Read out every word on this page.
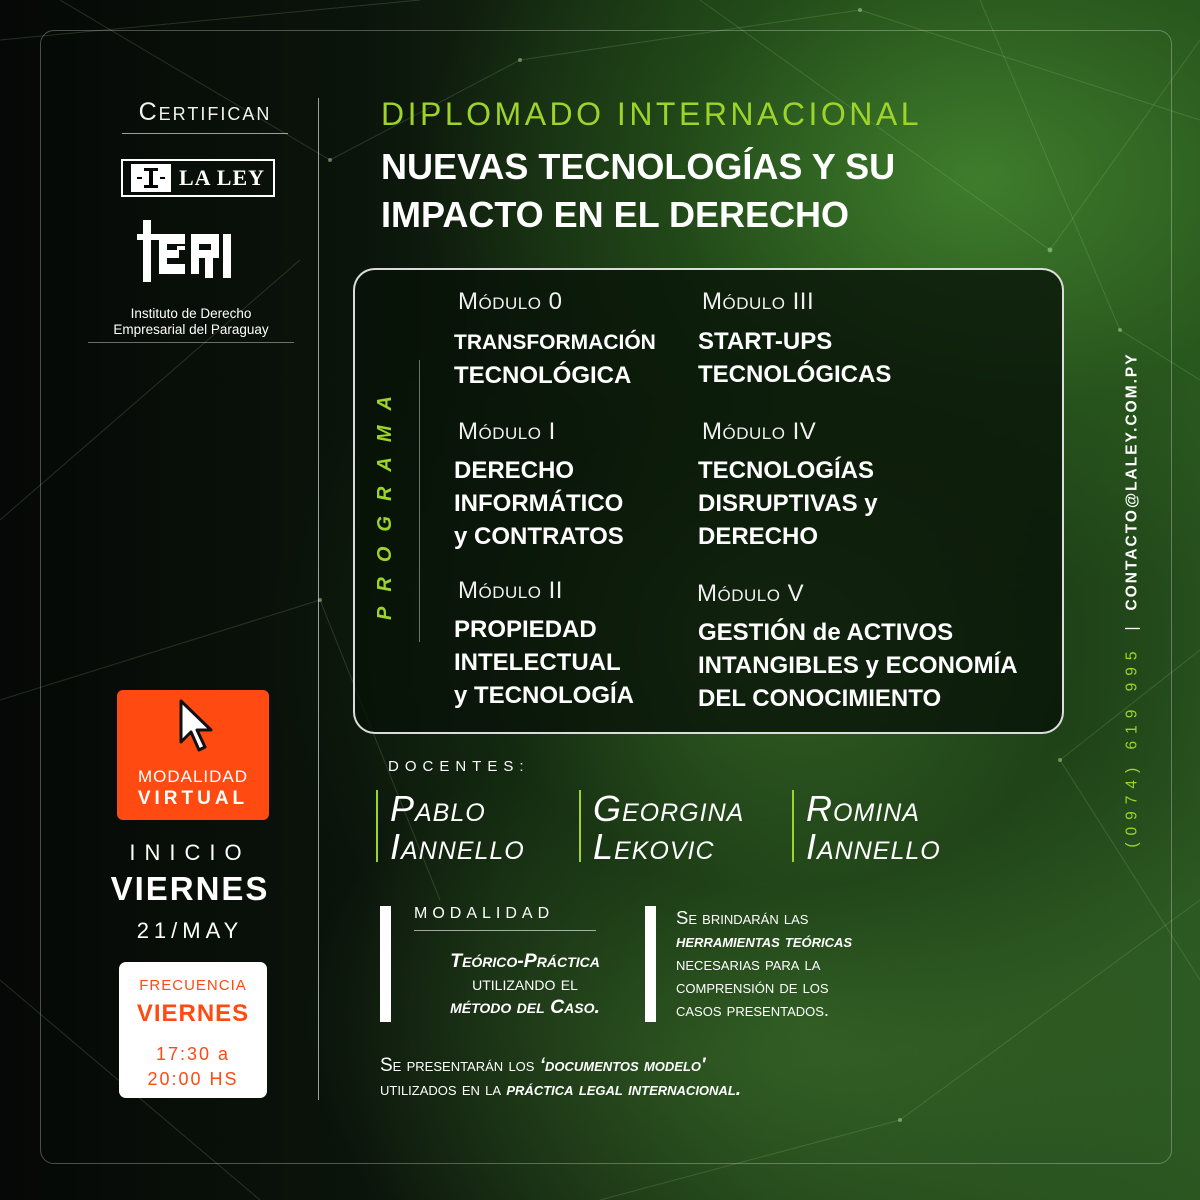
Certifican
LA LEY
Instituto de Derecho
Empresarial del Paraguay
MODALIDAD
VIRTUAL
INICIO
VIERNES
21/MAY
FRECUENCIA
VIERNES
17:30 a
20:00 HS
DIPLOMADO INTERNACIONAL
NUEVAS TECNOLOGÍAS Y SU
IMPACTO EN EL DERECHO
PROGRAMA
Módulo 0
TRANSFORMACIÓN
TECNOLÓGICA
Módulo I
DERECHO
INFORMÁTICO
y CONTRATOS
Módulo II
PROPIEDAD
INTELECTUAL
y TECNOLOGÍA
Módulo III
START-UPS
TECNOLÓGICAS
Módulo IV
TECNOLOGÍAS
DISRUPTIVAS y
DERECHO
Módulo V
GESTIÓN de ACTIVOS
INTANGIBLES y ECONOMÍA
DEL CONOCIMIENTO
DOCENTES:
Pablo
Iannello
Georgina
Lekovic
Romina
Iannello
MODALIDAD
Teórico-Práctica
utilizando el
método del Caso.
Se brindarán las
herramientas teóricas
necesarias para la
comprensión de los
casos presentados.
Se presentarán los ‘documentos modelo'
utilizados en la práctica legal internacional.
(0974) 619 995|CONTACTO@LALEY.COM.PY
